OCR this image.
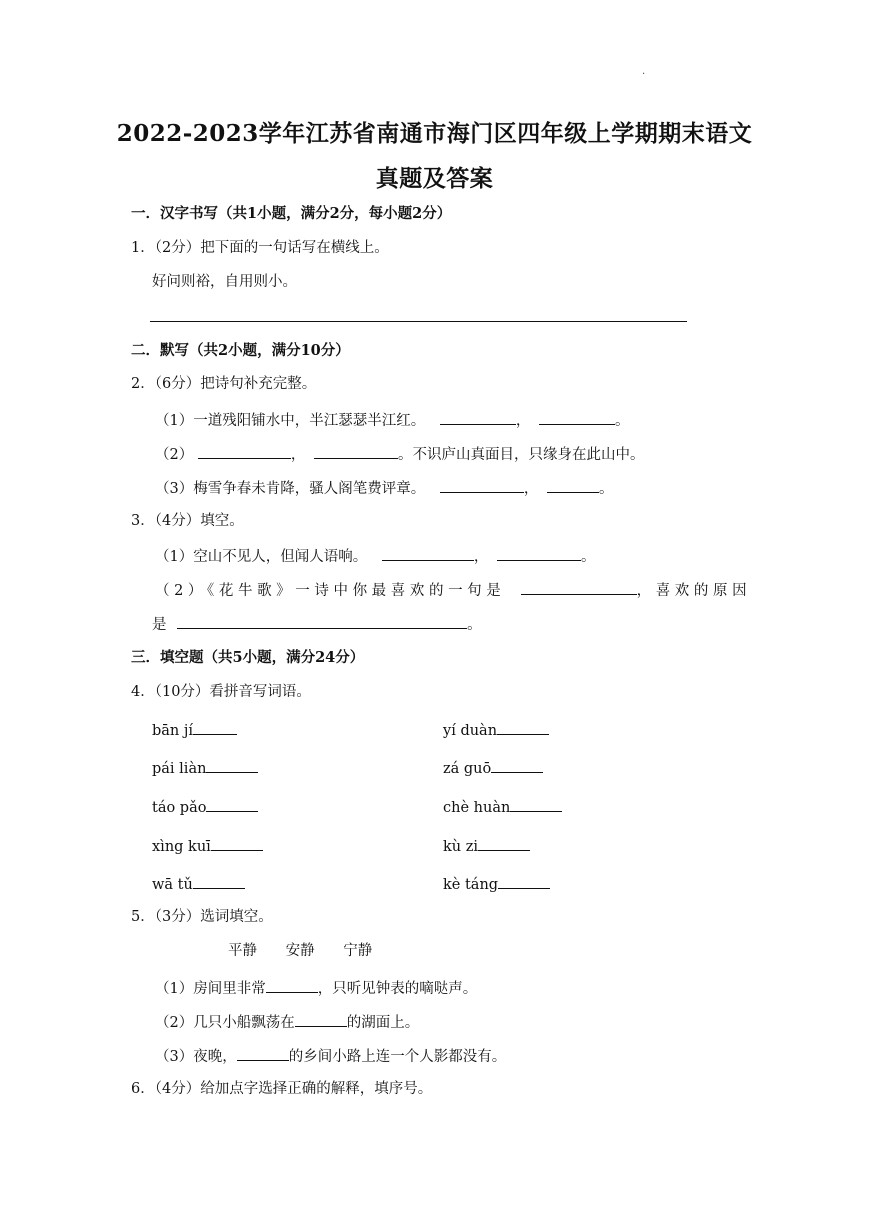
.
2022-2023学年江苏省南通市海门区四年级上学期期末语文
真题及答案
一．汉字书写（共1小题，满分2分，每小题2分）
1．（2分）把下面的一句话写在横线上。
好问则裕，自用则小。
二．默写（共2小题，满分10分）
2．（6分）把诗句补充完整。
（1）一道残阳铺水中，半江瑟瑟半江红。	，	。
（2）	，	。不识庐山真面目，只缘身在此山中。
（3）梅雪争春未肯降，骚人阁笔费评章。	，	。
3．（4分）填空。
（1）空山不见人，但闻人语响。	，	。
（2）《花牛歌》一诗中你最喜欢的一句是	，喜欢的原因
是	。
三．填空题（共5小题，满分24分）
4．（10分）看拼音写词语。
bān jí	yí duàn
pái liàn	zá guō
táo pǎo	chè huàn
xìng kuī	kù zi
wā tǔ	kè táng
5．（3分）选词填空。
平静 安静 宁静
（1）房间里非常	，只听见钟表的嘀哒声。
（2）几只小船飘荡在	的湖面上。
（3）夜晚，	的乡间小路上连一个人影都没有。
6．（4分）给加点字选择正确的解释，填序号。
